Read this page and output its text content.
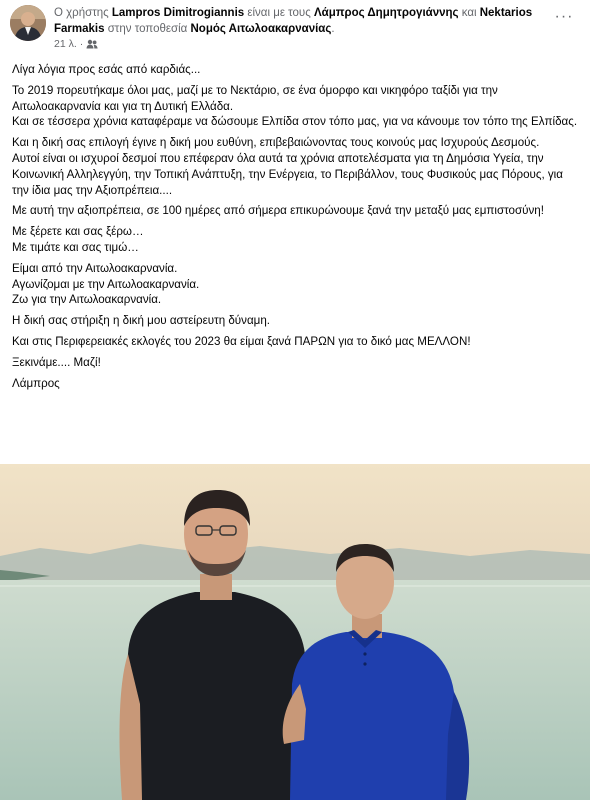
Ο χρήστης Lampros Dimitrogiannis είναι με τους Λάμπρος Δημητρογιάννης και Nektarios Farmakis στην τοποθεσία Νομός Αιτωλοακαρνανίας.
21 λ. ·
···

Λίγα λόγια προς εσάς από καρδιάς...

Το 2019 πορευτήκαμε όλοι μας, μαζί με το Νεκτάριο, σε ένα όμορφο και νικηφόρο ταξίδι για την Αιτωλοακαρνανία και για τη Δυτική Ελλάδα.
Και σε τέσσερα χρόνια καταφέραμε να δώσουμε Ελπίδα στον τόπο μας, για να κάνουμε τον τόπο της Ελπίδας.

Και η δική σας επιλογή έγινε η δική μου ευθύνη, επιβεβαιώνοντας τους κοινούς μας Ισχυρούς Δεσμούς.
Αυτοί είναι οι ισχυροί δεσμοί που επέφεραν όλα αυτά τα χρόνια αποτελέσματα για τη Δημόσια Υγεία, την Κοινωνική Αλληλεγγύη, την Τοπική Ανάπτυξη, την Ενέργεια, το Περιβάλλον, τους Φυσικούς μας Πόρους, για την ίδια μας την Αξιοπρέπεια....

Με αυτή την αξιοπρέπεια, σε 100 ημέρες από σήμερα επικυρώνουμε ξανά την μεταξύ μας εμπιστοσύνη!

Με ξέρετε και σας ξέρω…
Με τιμάτε και σας τιμώ…

Είμαι από την Αιτωλοακαρνανία.
Αγωνίζομαι με την Αιτωλοακαρνανία.
Ζω για την Αιτωλοακαρνανία.

Η δική σας στήριξη η δική μου αστείρευτη δύναμη.

Και στις Περιφερειακές εκλογές του 2023 θα είμαι ξανά ΠΑΡΩΝ για το δικό μας ΜΕΛΛΟΝ!

Ξεκινάμε.... Μαζί!

Λάμπρος
